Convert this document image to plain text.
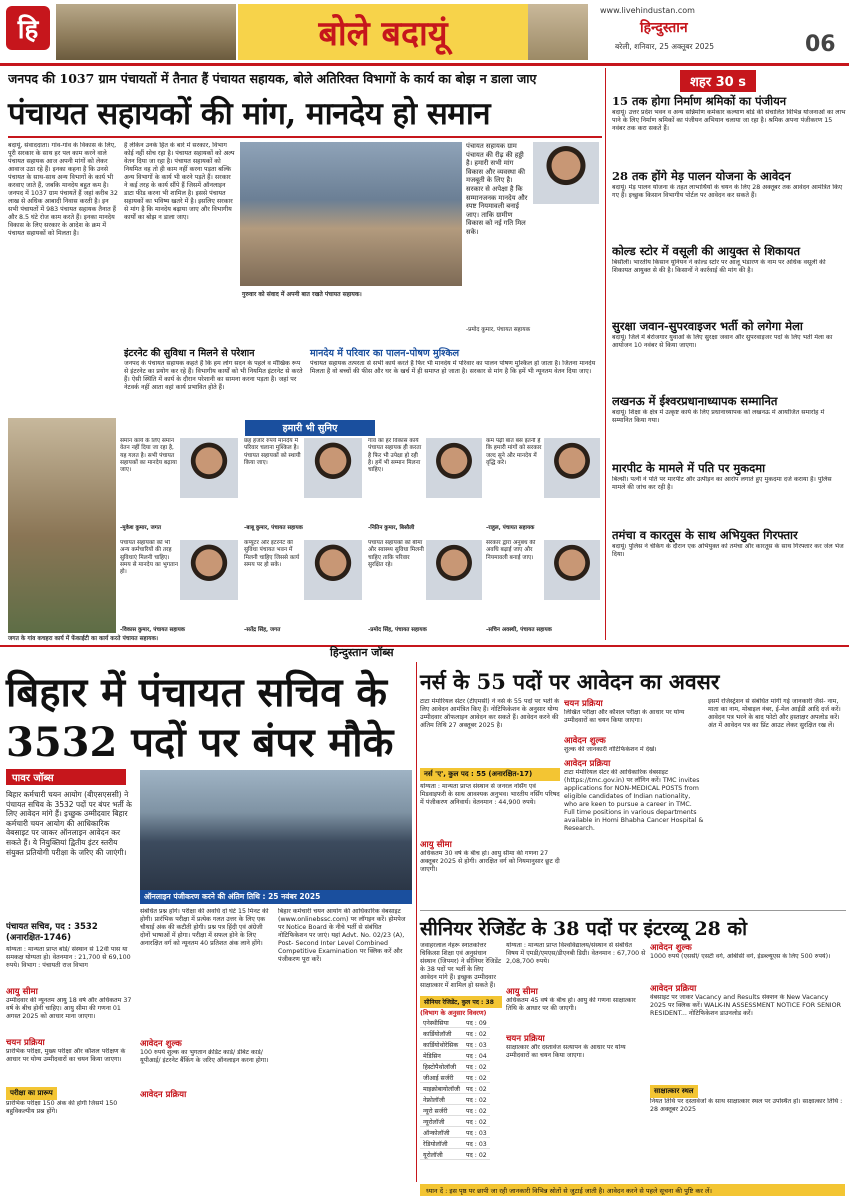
हि	बोले बदायूं
www.livehindustan.com
हिन्दुस्तान
बरेली, शनिवार, 25 अक्तूबर 2025	06
जनपद की 1037 ग्राम पंचायतों में तैनात हैं पंचायत सहायक, बोले अतिरिक्त विभागों के कार्य का बोझ न डाला जाए
पंचायत सहायकों की मांग, मानदेय हो समान
बदायूं, संवाददाता। गांव-गांव के विकास के लिए, पूरी सरकार के साथ हर पल काम करने वाले पंचायत सहायक आज अपनी मांगों को लेकर आवाज उठा रहे हैं। इनका कहना है कि उनसे पंचायत के साथ-साथ अन्य विभागों के कार्य भी करवाए जाते हैं, जबकि मानदेय बहुत कम है। जनपद में 1037 ग्राम पंचायतें हैं जहां करीब 32 लाख से अधिक आबादी निवास करती है। इन सभी पंचायतों में 983 पंचायत सहायक तैनात हैं और 8.5 घंटे रोज काम करते हैं। इनका मानदेय विकास के लिए सरकार के आदेश के क्रम में पंचायत सहायकों को मिलता है।
है लेकिन उनके हित के बारे में सरकार, विभाग कोई नहीं सोच रहा है। पंचायत सहायकों को अल्प वेतन दिया जा रहा है। पंचायत सहायकों को नियमित वह तो ही काम नहीं करना पड़ता बल्कि अन्य विभागों के कार्य भी करने पड़ते हैं। सरकार ने कई तरह के कार्य सौंपे हैं जिसमें ऑनलाइन डाटा फीड करना भी शामिल है। इससे पंचायत सहायकों का भविष्य खतरे में है। इसलिए सरकार से मांग है कि मानदेय बढ़ाया जाए और विभागीय कार्यों का बोझ न डाला जाए।
गुरुवार को संवाद में अपनी बात रखते पंचायत सहायक।
पंचायत सहायक ग्राम पंचायत की रीढ़ की हड्डी है। हमारी सभी मांग विकास और व्यवस्था की मजबूती के लिए है। सरकार से अपेक्षा है कि सम्मानजनक मानदेय और स्पष्ट नियमावली बनाई जाए। ताकि ग्रामीण विकास को नई गति मिल सके।
-प्रमोद कुमार, पंचायत सहायक
इंटरनेट की सुविधा न मिलने से परेशान
जनपद के पंचायत सहायक कहते हैं कि हम लोग सदन के पहले व मौखिक रूप से इंटरनेट का प्रयोग कर रहे हैं। विभागीय कार्यों को भी नियमित इंटरनेट से करते हैं। ऐसी स्थिति में कार्य के दौरान परेशानी का सामना करना पड़ता है। जहां पर नेटवर्क नहीं आता वहां कार्य प्रभावित होते हैं।
मानदेय में परिवार का पालन-पोषण मुश्किल
पंचायत सहायक तत्परता से सभी कार्य करते हैं फिर भी मानदेय में परिवार का पालन पोषण मुश्किल हो जाता है। जितना मानदेय मिलता है वो बच्चों की फीस और घर के खर्च में ही समाप्त हो जाता है। सरकार से मांग है कि हमें भी न्यूनतम वेतन दिया जाए।
हमारी भी सुनिए
जगत के गांव कचहरा कार्य में फेंकाईटी का कार्य करते पंचायत सहायक।
समान कार्य के लिए समान वेतन नहीं दिया जा रहा है, यह गलत है। सभी पंचायत सहायकों का मानदेय बढ़ाया जाए।
-मुकेश कुमार, जगत
छह हजार रुपये मानदेय में परिवार चलाना मुश्किल है। पंचायत सहायकों को स्थायी किया जाए।
-बाबू कुमार, पंचायत सहायक
गांव का हर विकास कार्य पंचायत सहायक ही करता है फिर भी उपेक्षा हो रही है। हमें भी सम्मान मिलना चाहिए।
-नितिन कुमार, बिसौली
कम पढ़ी बात बस इतनी है कि हमारी मांगों को सरकार जल्द सुने और मानदेय में वृद्धि करे।
-राहुल, पंचायत सहायक
पंचायत सहायकों को भी अन्य कर्मचारियों की तरह सुविधाएं मिलनी चाहिए। समय से मानदेय का भुगतान हो।
-विकास कुमार, पंचायत सहायक
कंप्यूटर और इंटरनेट की सुविधा पंचायत भवन में मिलनी चाहिए जिससे कार्य समय पर हो सके।
-सतेंद्र सिंह, जगत
पंचायत सहायकों को बीमा और स्वास्थ्य सुविधा मिलनी चाहिए ताकि परिवार सुरक्षित रहे।
-प्रमोद सिंह, पंचायत सहायक
सरकार द्वारा अनुबंध की अवधि बढ़ाई जाए और नियमावली बनाई जाए।
-सचिन अवस्थी, पंचायत सहायक
शहर 30 s
15 तक होगा निर्माण श्रमिकों का पंजीयन
बदायूं। उत्तर प्रदेश भवन व अन्य सन्निर्माण कर्मकार कल्याण बोर्ड की संचालित विभिन्न योजनाओं का लाभ पाने के लिए निर्माण श्रमिकों का पंजीयन अभियान चलाया जा रहा है। श्रमिक अपना पंजीकरण 15 नवंबर तक करा सकते हैं।
28 तक होंगे मेड़ पालन योजना के आवेदन
बदायूं। मेड़ पालन योजना के तहत लाभार्थियों के चयन के लिए 28 अक्तूबर तक आवेदन आमंत्रित किए गए हैं। इच्छुक किसान विभागीय पोर्टल पर आवेदन कर सकते हैं।
कोल्ड स्टोर में वसूली की आयुक्त से शिकायत
बिसौली। भारतीय किसान यूनियन ने कोल्ड स्टोर पर आलू भंडारण के नाम पर अधिक वसूली की शिकायत आयुक्त से की है। किसानों ने कार्रवाई की मांग की है।
सुरक्षा जवान-सुपरवाइजर भर्ती को लगेगा मेला
बदायूं। जिले में बेरोजगार युवाओं के लिए सुरक्षा जवान और सुपरवाइजर पदों के लिए भर्ती मेला का आयोजन 10 नवंबर से किया जाएगा।
लखनऊ में ईश्वरप्रधानाध्यापक सम्मानित
बदायूं। शिक्षा के क्षेत्र में उत्कृष्ट कार्य के लिए प्रधानाध्यापक को लखनऊ में आयोजित समारोह में सम्मानित किया गया।
मारपीट के मामले में पति पर मुकदमा
बिल्सी। पत्नी ने पति पर मारपीट और उत्पीड़न का आरोप लगाते हुए मुकदमा दर्ज कराया है। पुलिस मामले की जांच कर रही है।
तमंचा व कारतूस के साथ अभियुक्त गिरफ्तार
बदायूं। पुलिस ने चेकिंग के दौरान एक अभियुक्त को तमंचा और कारतूस के साथ गिरफ्तार कर जेल भेज दिया।
हिन्दुस्तान जॉब्स
बिहार में पंचायत सचिव के
3532 पदों पर बंपर मौके
पावर जॉब्स
बिहार कर्मचारी चयन आयोग (बीएसएससी) ने पंचायत सचिव के 3532 पदों पर बंपर भर्ती के लिए आवेदन मांगे हैं। इच्छुक उम्मीदवार बिहार कर्मचारी चयन आयोग की आधिकारिक वेबसाइट पर जाकर ऑनलाइन आवेदन कर सकते हैं। ये नियुक्तियां द्वितीय इंटर स्तरीय संयुक्त प्रतियोगी परीक्षा के जरिए की जाएंगी।
पंचायत सचिव, पद : 3532 (अनारक्षित-1746)
योग्यता : मान्यता प्राप्त बोर्ड/ संस्थान से 12वीं पास या समकक्ष योग्यता हो। वेतनमान : 21,700 से 69,100 रुपये। विभाग : पंचायती राज विभाग
आयु सीमा
उम्मीदवार की न्यूनतम आयु 18 वर्ष और अधिकतम 37 वर्ष के बीच होनी चाहिए। आयु सीमा की गणना 01 अगस्त 2025 को आधार माना जाएगा।
चयन प्रक्रिया
प्रारंभिक परीक्षा, मुख्य परीक्षा और कौशल परीक्षण के आधार पर योग्य उम्मीदवारों का चयन किया जाएगा।
परीक्षा का प्रारूप
प्रारंभिक परीक्षा 150 अंक की होगी जिसमें 150 बहुविकल्पीय प्रश्न होंगे।
ऑनलाइन पंजीकरण करने की अंतिम तिथि : 25 नवंबर 2025
संबंधित प्रश्न होंगे। परीक्षा की अवधि दो घंटे 15 मिनट की होगी। प्रारंभिक परीक्षा में प्रत्येक गलत उत्तर के लिए एक चौथाई अंक की कटौती होगी। प्रश्न पत्र हिंदी एवं अंग्रेजी दोनों भाषाओं में होगा। परीक्षा में सफल होने के लिए अनारक्षित वर्ग को न्यूनतम 40 प्रतिशत अंक लाने होंगे।
आवेदन शुल्क
100 रुपये शुल्क का भुगतान क्रेडिट कार्ड/ डेबिट कार्ड/ यूपीआई/ इंटरनेट बैंकिंग के जरिए ऑनलाइन करना होगा।
आवेदन प्रक्रिया
बिहार कर्मचारी चयन आयोग की आधिकारिक वेबसाइट (www.onlinebssc.com) पर लॉगइन करें। होमपेज पर Notice Board के नीचे भर्ती से संबंधित नोटिफिकेशन पर जाएं। यहां Advt. No. 02/23 (A), Post- Second Inter Level Combined Competitive Examination पर क्लिक करें और पंजीकरण पूरा करें।
नर्स के 55 पदों पर आवेदन का अवसर
टाटा मेमोरियल सेंटर (टीएमसी) ने नर्स के 55 पदों पर भर्ती के लिए आवेदन आमंत्रित किए हैं। नोटिफिकेशन के अनुसार योग्य उम्मीदवार ऑफलाइन आवेदन कर सकते हैं। आवेदन करने की अंतिम तिथि 27 अक्तूबर 2025 है।
नर्स 'ए', कुल पद : 55 (अनारक्षित-17)
योग्यता : मान्यता प्राप्त संस्थान से जनरल नर्सिंग एवं मिडवाइफरी के साथ आवश्यक अनुभव। भारतीय नर्सिंग परिषद में पंजीकरण अनिवार्य। वेतनमान : 44,900 रुपये।
आयु सीमा
अधिकतम 30 वर्ष के बीच हो। आयु सीमा की गणना 27 अक्तूबर 2025 से होगी। आरक्षित वर्ग को नियमानुसार छूट दी जाएगी।
चयन प्रक्रिया
लिखित परीक्षा और कौशल परीक्षा के आधार पर योग्य उम्मीदवारों का चयन किया जाएगा।
आवेदन शुल्क
शुल्क की जानकारी नोटिफिकेशन में देखें।
आवेदन प्रक्रिया
टाटा मेमोरियल सेंटर की आधिकारिक वेबसाइट (https://tmc.gov.in) पर लॉगिन करें। TMC invites applications for NON-MEDICAL POSTS from eligible candidates of Indian nationality, who are keen to pursue a career in TMC. Full time positions in various departments available in Homi Bhabha Cancer Hospital & Research.
इसमें रजिस्ट्रेशन से संबंधित मांगी गई जानकारी जैसे- नाम, माता का नाम, मोबाइल नंबर, ई-मेल आईडी आदि दर्ज करें। आवेदन पत्र भरने के बाद फोटो और हस्ताक्षर अपलोड करें। अंत में आवेदन पत्र का प्रिंट आउट लेकर सुरक्षित रख लें।
सीनियर रेजिडेंट के 38 पदों पर इंटरव्यू 28 को
जवाहरलाल नेहरू स्नातकोत्तर चिकित्सा शिक्षा एवं अनुसंधान संस्थान (जिपमर) ने सीनियर रेजिडेंट के 38 पदों पर भर्ती के लिए आवेदन मांगे हैं। इच्छुक उम्मीदवार साक्षात्कार में शामिल हो सकते हैं।
सीनियर रेजिडेंट, कुल पद : 38
(विभाग के अनुसार विवरण)
एनेस्थीसिया	पद : 09
कार्डियोलॉजी	पद : 02
कार्डियोथोरेसिक	पद : 03
मेडिसिन	पद : 04
हिस्टोपैथोलॉजी	पद : 02
जीआई सर्जरी	पद : 02
माइक्रोबायोलॉजी	पद : 02
नेफ्रोलॉजी	पद : 02
न्यूरो सर्जरी	पद : 02
न्यूरोलॉजी	पद : 02
ऑन्कोलॉजी	पद : 03
रेडियोलॉजी	पद : 03
यूरोलॉजी	पद : 02
योग्यता : मान्यता प्राप्त विश्वविद्यालय/संस्थान से संबंधित विषय में एमडी/एमएस/डीएनबी डिग्री। वेतनमान : 67,700 से 2,08,700 रुपये।
आयु सीमा
अधिकतम 45 वर्ष के बीच हो। आयु की गणना साक्षात्कार तिथि के आधार पर की जाएगी।
चयन प्रक्रिया
साक्षात्कार और दस्तावेज सत्यापन के आधार पर योग्य उम्मीदवारों का चयन किया जाएगा।
आवेदन शुल्क
1000 रुपये (एससी/ एसटी वर्ग, ओबीसी वर्ग, ईडब्ल्यूएस के लिए 500 रुपये)।
आवेदन प्रक्रिया
वेबसाइट पर जाकर Vacancy and Results सेक्शन के New Vacancy 2025 पर क्लिक करें। WALK-IN ASSESSMENT NOTICE FOR SENIOR RESIDENT... नोटिफिकेशन डाउनलोड करें।
साक्षात्कार स्थल
नियत तिथि पर दस्तावेजों के साथ साक्षात्कार स्थल पर उपस्थित हों। साक्षात्कार तिथि : 28 अक्तूबर 2025
ध्यान दें : इस पृष्ठ पर छापी जा रही जानकारी विभिन्न स्रोतों से जुटाई जाती है। आवेदन करने से पहले सूचना की पुष्टि कर लें।
